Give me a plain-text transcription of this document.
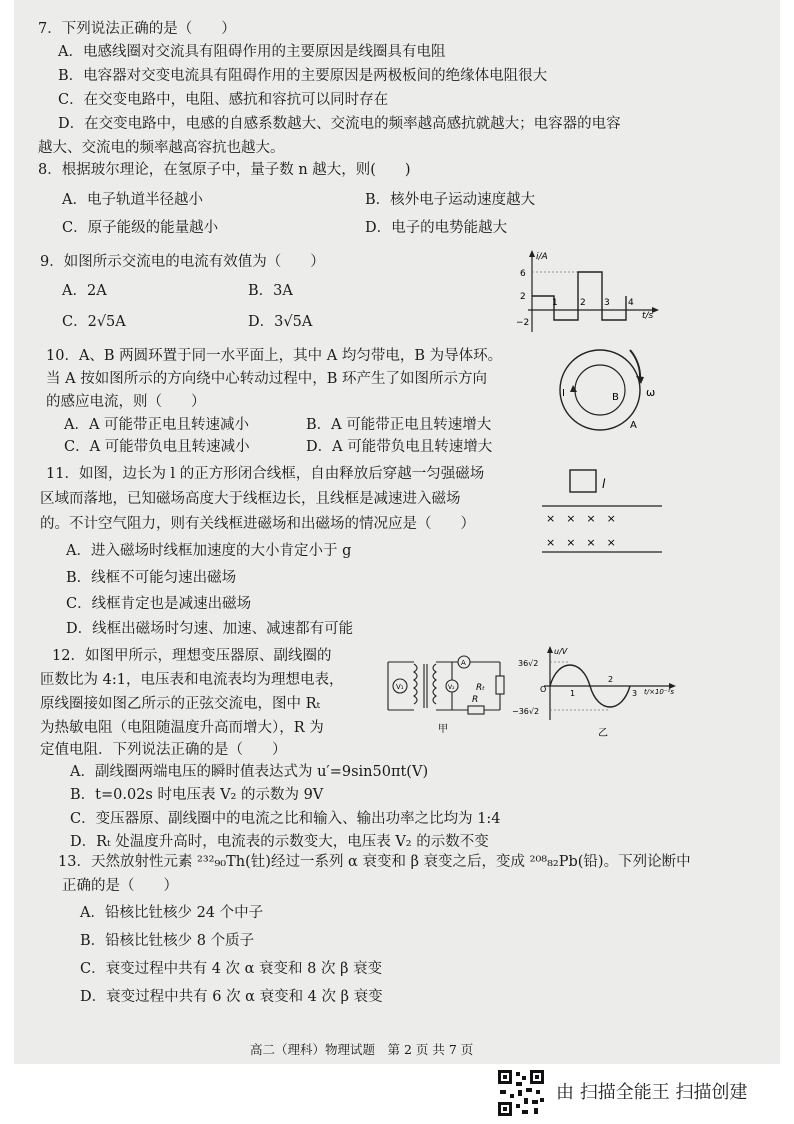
7．下列说法正确的是（　　）
A．电感线圈对交流具有阻碍作用的主要原因是线圈具有电阻
B．电容器对交变电流具有阻碍作用的主要原因是两极板间的绝缘体电阻很大
C．在交变电路中，电阻、感抗和容抗可以同时存在
D．在交变电路中，电感的自感系数越大、交流电的频率越高感抗就越大；电容器的电容
越大、交流电的频率越高容抗也越大。
8．根据玻尔理论，在氢原子中，量子数 n 越大，则(　　)
A．电子轨道半径越小	B．核外电子运动速度越大
C．原子能级的能量越小	D．电子的电势能越大
9．如图所示交流电的电流有效值为（　　）
A．2A	B．3A
C．2√5A	D．3√5A
i/A
t/s
6
2
−2
1 2 3 4
10．A、B 两圆环置于同一水平面上，其中 A 均匀带电，B 为导体环。
当 A 按如图所示的方向绕中心转动过程中，B 环产生了如图所示方向
的感应电流，则（　　）
A．A 可能带正电且转速减小	B．A 可能带正电且转速增大
C．A 可能带负电且转速减小	D．A 可能带负电且转速增大
I	B
A
ω
11．如图，边长为 l 的正方形闭合线框，自由释放后穿越一匀强磁场
区域而落地，已知磁场高度大于线框边长，且线框是减速进入磁场
的。不计空气阻力，则有关线框进磁场和出磁场的情况应是（　　）
A．进入磁场时线框加速度的大小肯定小于 g
B．线框不可能匀速出磁场
C．线框肯定也是减速出磁场
D．线框出磁场时匀速、加速、减速都有可能
l
×　×　×　×
×　×　×　×
12．如图甲所示，理想变压器原、副线圈的
匝数比为 4:1，电压表和电流表均为理想电表，
原线圈接如图乙所示的正弦交流电，图中 Rₜ
为热敏电阻（电阻随温度升高而增大），R 为
定值电阻．下列说法正确的是（　　）
A．副线圈两端电压的瞬时值表达式为 u′=9sin50πt(V)
B．t=0.02s 时电压表 V₂ 的示数为 9V
C．变压器原、副线圈中的电流之比和输入、输出功率之比均为 1:4
D．Rₜ 处温度升高时，电流表的示数变大，电压表 V₂ 的示数不变
V₁
A
V₂ Rₜ
R
甲
u/V
t/×10⁻²s
36√2
−36√2
O	1
2
3
乙
13．天然放射性元素 ²³²₉₀Th(钍)经过一系列 α 衰变和 β 衰变之后，变成 ²⁰⁸₈₂Pb(铅)。下列论断中
正确的是（　　）
A．铅核比钍核少 24 个中子
B．铅核比钍核少 8 个质子
C．衰变过程中共有 4 次 α 衰变和 8 次 β 衰变
D．衰变过程中共有 6 次 α 衰变和 4 次 β 衰变
高二（理科）物理试题　第 2 页 共 7 页
由 扫描全能王 扫描创建
